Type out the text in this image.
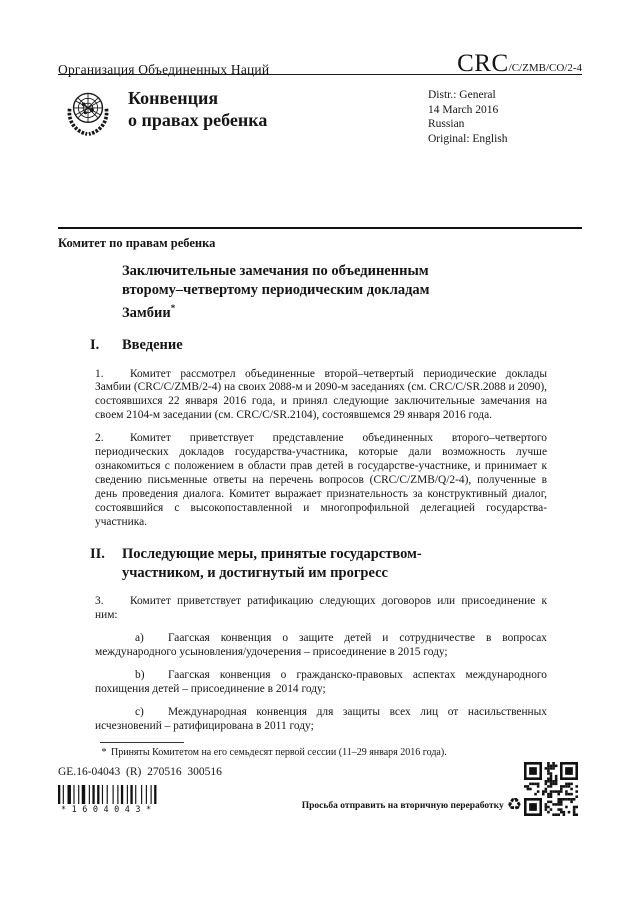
Организация Объединенных Наций	CRC/C/ZMB/CO/2-4
Конвенция
о правах ребенка
Distr.: General
14 March 2016
Russian
Original: English
Комитет по правам ребенка
Заключительные замечания по объединенным второму–четвертому периодическим докладам Замбии*
I.	Введение

1. Комитет рассмотрел объединенные второй–четвертый периодические доклады Замбии (CRC/C/ZMB/2-4) на своих 2088-м и 2090-м заседаниях (см. CRC/C/SR.2088 и 2090), состоявшихся 22 января 2016 года, и принял следующие заключительные замечания на своем 2104-м заседании (см. CRC/C/SR.2104), состоявшемся 29 января 2016 года.

2. Комитет приветствует представление объединенных второго–четвертого периодических докладов государства-участника, которые дали возможность лучше ознакомиться с положением в области прав детей в государстве-участнике, и принимает к сведению письменные ответы на перечень вопросов (CRC/C/ZMB/Q/2-4), полученные в день проведения диалога. Комитет выражает признательность за конструктивный диалог, состоявшийся с высокопоставленной и многопрофильной делегацией государства-участника.

II.	Последующие меры, принятые государством-участником, и достигнутый им прогресс

3. Комитет приветствует ратификацию следующих договоров или присоединение к ним:

a) Гаагская конвенция о защите детей и сотрудничестве в вопросах международного усыновления/удочерения – присоединение в 2015 году;

b) Гаагская конвенция о гражданско-правовых аспектах международного похищения детей – присоединение в 2014 году;

c) Международная конвенция для защиты всех лиц от насильственных исчезновений – ратифицирована в 2011 году;

* Приняты Комитетом на его семьдесят первой сессии (11–29 января 2016 года).
GE.16-04043  (R)  270516  300516
*1604043*	Просьба отправить на вторичную переработку ♻
